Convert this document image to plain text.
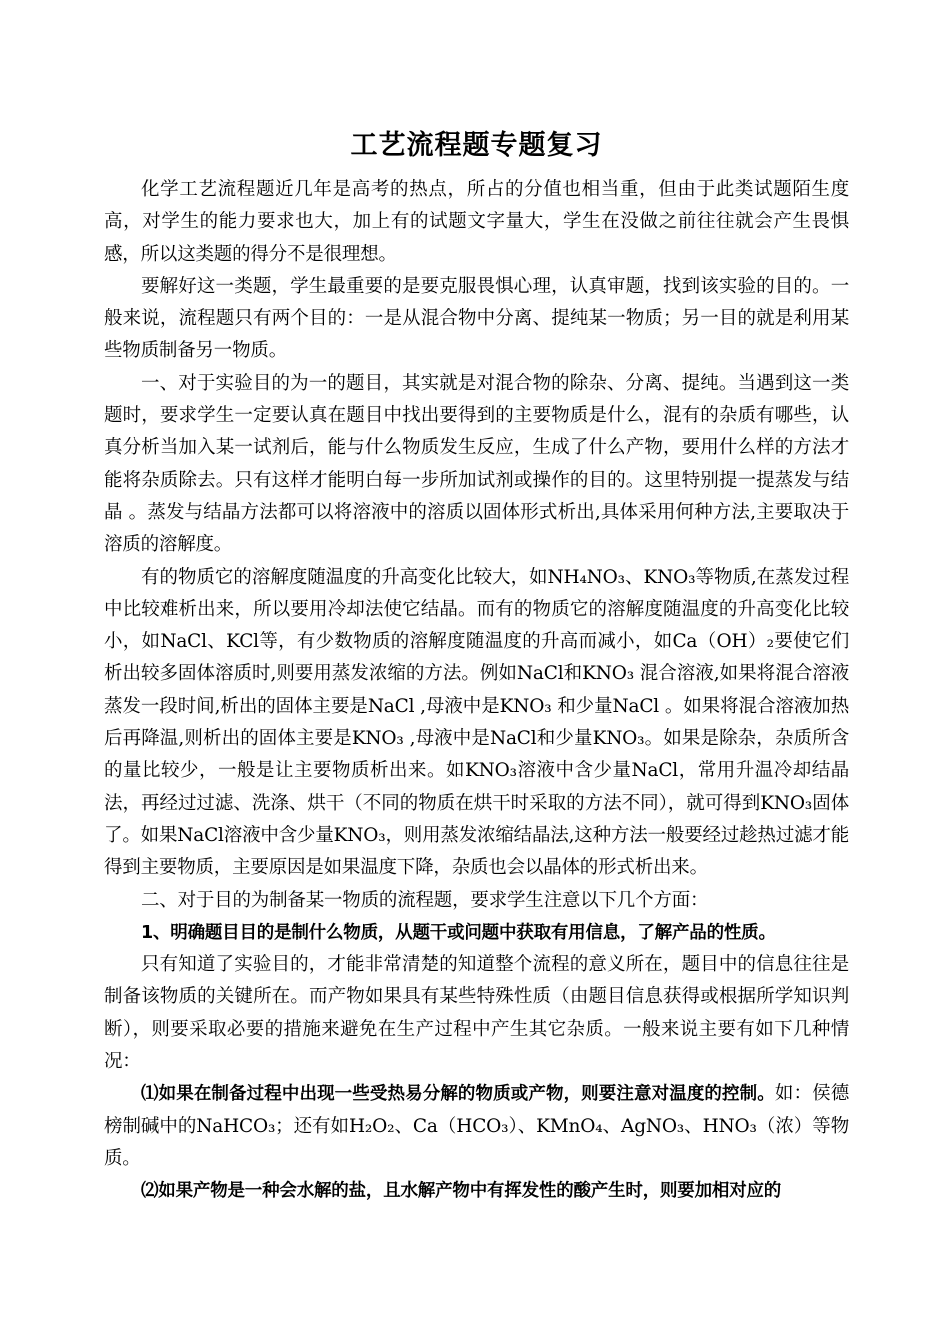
工艺流程题专题复习

化学工艺流程题近几年是高考的热点，所占的分值也相当重，但由于此类试题陌生度高，对学生的能力要求也大，加上有的试题文字量大，学生在没做之前往往就会产生畏惧感，所以这类题的得分不是很理想。

要解好这一类题，学生最重要的是要克服畏惧心理，认真审题，找到该实验的目的。一般来说，流程题只有两个目的：一是从混合物中分离、提纯某一物质；另一目的就是利用某些物质制备另一物质。

一、对于实验目的为一的题目，其实就是对混合物的除杂、分离、提纯。当遇到这一类题时，要求学生一定要认真在题目中找出要得到的主要物质是什么，混有的杂质有哪些，认真分析当加入某一试剂后，能与什么物质发生反应，生成了什么产物，要用什么样的方法才能将杂质除去。只有这样才能明白每一步所加试剂或操作的目的。这里特别提一提蒸发与结晶 。蒸发与结晶方法都可以将溶液中的溶质以固体形式析出,具体采用何种方法,主要取决于溶质的溶解度。

有的物质它的溶解度随温度的升高变化比较大，如NH₄NO₃、KNO₃等物质,在蒸发过程中比较难析出来，所以要用冷却法使它结晶。而有的物质它的溶解度随温度的升高变化比较小，如NaCl、KCl等，有少数物质的溶解度随温度的升高而减小，如Ca（OH）₂要使它们析出较多固体溶质时,则要用蒸发浓缩的方法。例如NaCl和KNO₃ 混合溶液,如果将混合溶液蒸发一段时间,析出的固体主要是NaCl ,母液中是KNO₃ 和少量NaCl 。如果将混合溶液加热后再降温,则析出的固体主要是KNO₃ ,母液中是NaCl和少量KNO₃。如果是除杂，杂质所含的量比较少，一般是让主要物质析出来。如KNO₃溶液中含少量NaCl，常用升温冷却结晶法，再经过过滤、洗涤、烘干（不同的物质在烘干时采取的方法不同），就可得到KNO₃固体了。如果NaCl溶液中含少量KNO₃，则用蒸发浓缩结晶法,这种方法一般要经过趁热过滤才能得到主要物质，主要原因是如果温度下降，杂质也会以晶体的形式析出来。

二、对于目的为制备某一物质的流程题，要求学生注意以下几个方面：

1、明确题目目的是制什么物质，从题干或问题中获取有用信息，了解产品的性质。

只有知道了实验目的，才能非常清楚的知道整个流程的意义所在，题目中的信息往往是制备该物质的关键所在。而产物如果具有某些特殊性质（由题目信息获得或根据所学知识判断），则要采取必要的措施来避免在生产过程中产生其它杂质。一般来说主要有如下几种情况：

⑴如果在制备过程中出现一些受热易分解的物质或产物，则要注意对温度的控制。如：侯德榜制碱中的NaHCO₃；还有如H₂O₂、Ca（HCO₃）、KMnO₄、AgNO₃、HNO₃（浓）等物质。

⑵如果产物是一种会水解的盐，且水解产物中有挥发性的酸产生时，则要加相对应的
